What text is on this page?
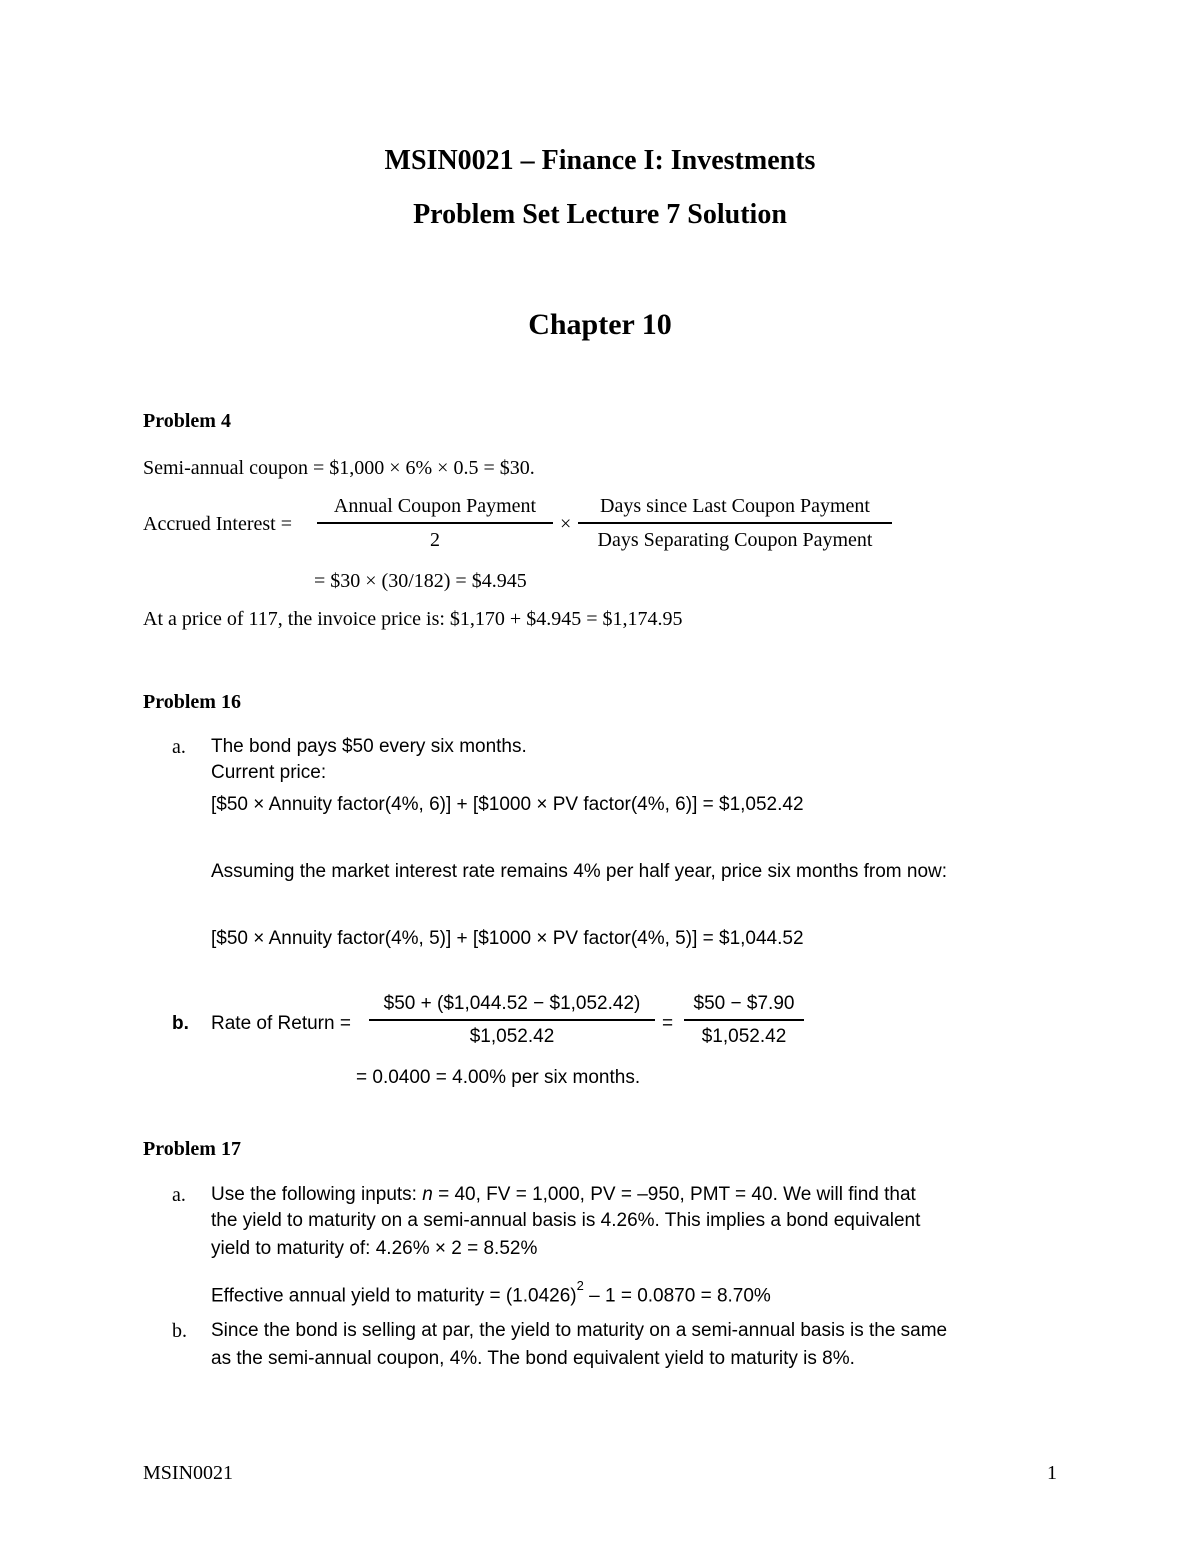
MSIN0021 – Finance I: Investments
Problem Set Lecture 7 Solution
Chapter 10
Problem 4
Semi-annual coupon = $1,000 × 6% × 0.5 = $30.
Accrued Interest =
Annual Coupon Payment
2
×
Days since Last Coupon Payment
Days Separating Coupon Payment
= $30 × (30/182) = $4.945
At a price of 117, the invoice price is: $1,170 + $4.945 = $1,174.95
Problem 16
a. The bond pays $50 every six months.
Current price:
[$50 × Annuity factor(4%, 6)] + [$1000 × PV factor(4%, 6)] = $1,052.42
Assuming the market interest rate remains 4% per half year, price six months from now:
[$50 × Annuity factor(4%, 5)] + [$1000 × PV factor(4%, 5)] = $1,044.52
b. Rate of Return =
$50 + ($1,044.52 − $1,052.42)
$1,052.42
=
$50 − $7.90
$1,052.42
= 0.0400 = 4.00% per six months.
Problem 17
a. Use the following inputs: n = 40, FV = 1,000, PV = –950, PMT = 40. We will find that
the yield to maturity on a semi-annual basis is 4.26%. This implies a bond equivalent
yield to maturity of: 4.26% × 2 = 8.52%
Effective annual yield to maturity = $(1.0426)^2 - 1 = 0.0870 = 8.70\%$
b. Since the bond is selling at par, the yield to maturity on a semi-annual basis is the same
as the semi-annual coupon, 4%. The bond equivalent yield to maturity is 8%.
MSIN0021	1
